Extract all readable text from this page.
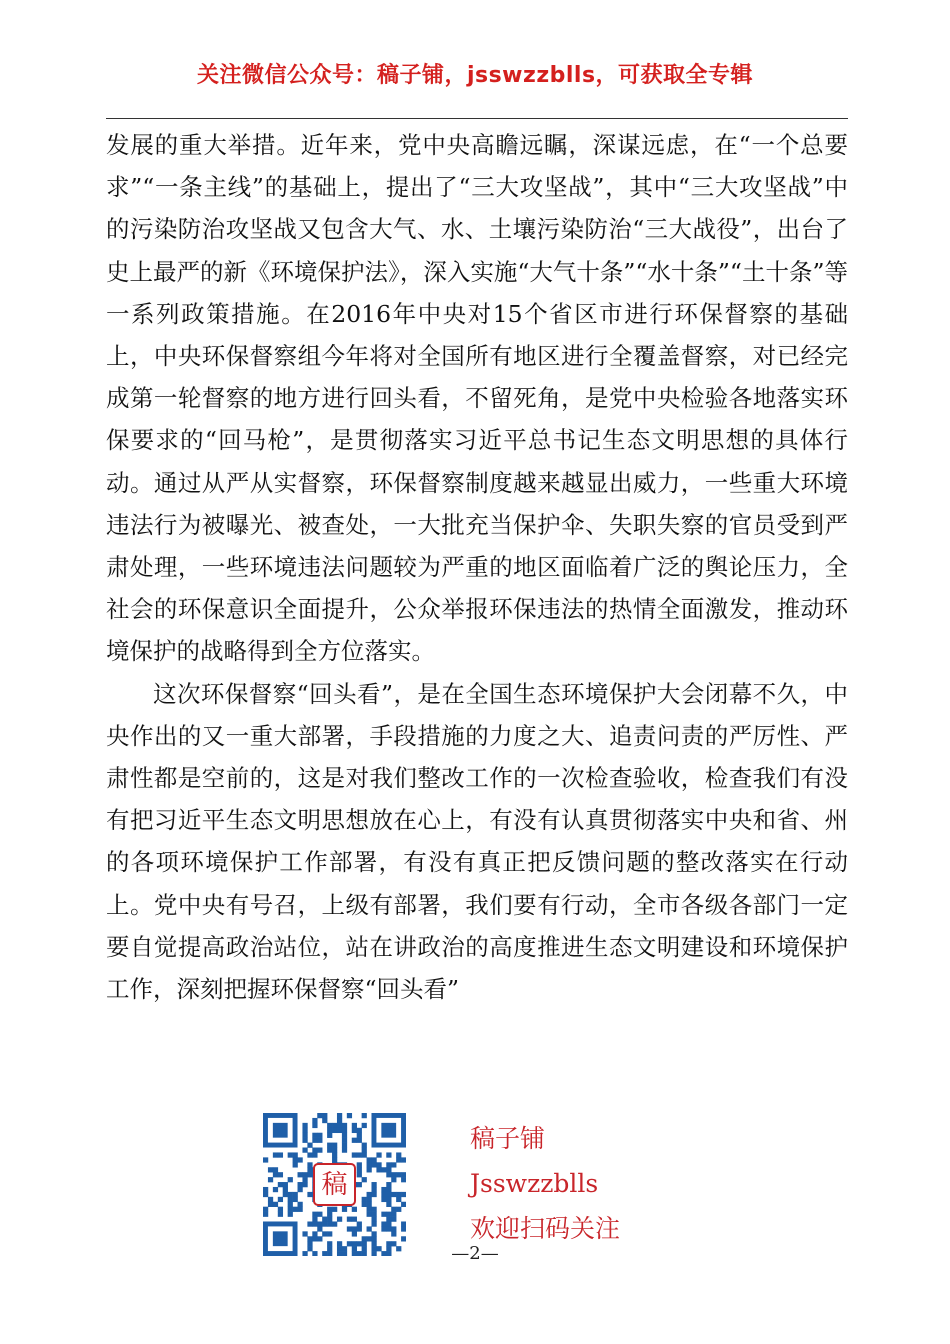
关注微信公众号：稿子铺，jsswzzblls，可获取全专辑

发展的重大举措。近年来，党中央高瞻远瞩，深谋远虑，在“一个总要求”“一条主线”的基础上，提出了“三大攻坚战”，其中“三大攻坚战”中的污染防治攻坚战又包含大气、水、土壤污染防治“三大战役”，出台了史上最严的新《环境保护法》，深入实施“大气十条”“水十条”“土十条”等一系列政策措施。在2016年中央对15个省区市进行环保督察的基础上，中央环保督察组今年将对全国所有地区进行全覆盖督察，对已经完成第一轮督察的地方进行回头看，不留死角，是党中央检验各地落实环保要求的“回马枪”，是贯彻落实习近平总书记生态文明思想的具体行动。通过从严从实督察，环保督察制度越来越显出威力，一些重大环境违法行为被曝光、被查处，一大批充当保护伞、失职失察的官员受到严肃处理，一些环境违法问题较为严重的地区面临着广泛的舆论压力，全社会的环保意识全面提升，公众举报环保违法的热情全面激发，推动环境保护的战略得到全方位落实。

这次环保督察“回头看”，是在全国生态环境保护大会闭幕不久，中央作出的又一重大部署，手段措施的力度之大、追责问责的严厉性、严肃性都是空前的，这是对我们整改工作的一次检查验收，检查我们有没有把习近平生态文明思想放在心上，有没有认真贯彻落实中央和省、州的各项环境保护工作部署，有没有真正把反馈问题的整改落实在行动上。党中央有号召，上级有部署，我们要有行动，全市各级各部门一定要自觉提高政治站位，站在讲政治的高度推进生态文明建设和环境保护工作，深刻把握环保督察“回头看”

稿
稿子铺
Jsswzzblls
欢迎扫码关注
—2—
